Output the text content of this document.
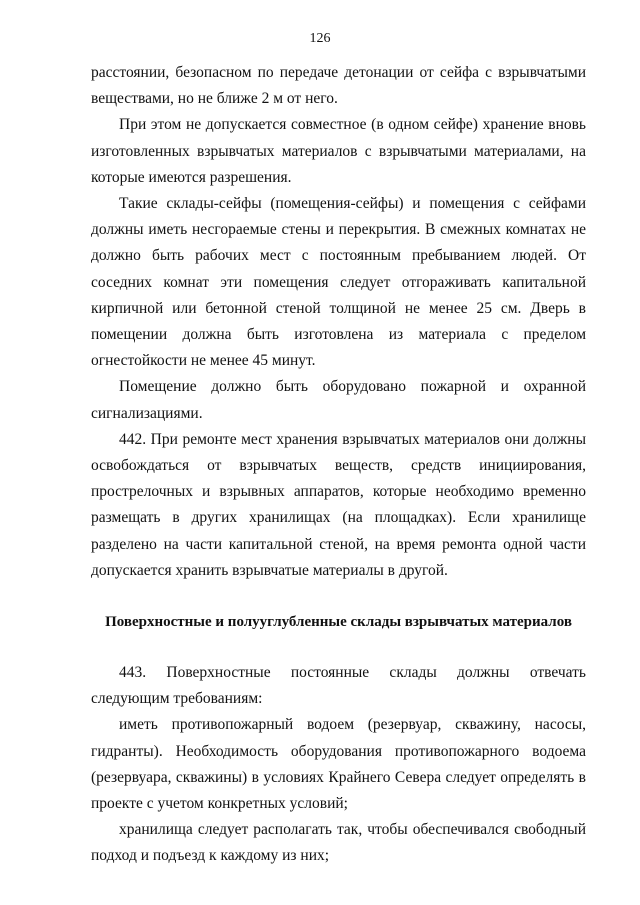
126

расстоянии, безопасном по передаче детонации от сейфа с взрывчатыми веществами, но не ближе 2 м от него.

При этом не допускается совместное (в одном сейфе) хранение вновь изготовленных взрывчатых материалов с взрывчатыми материалами, на которые имеются разрешения.

Такие склады-сейфы (помещения-сейфы) и помещения с сейфами должны иметь несгораемые стены и перекрытия. В смежных комнатах не должно быть рабочих мест с постоянным пребыванием людей. От соседних комнат эти помещения следует отгораживать капитальной кирпичной или бетонной стеной толщиной не менее 25 см. Дверь в помещении должна быть изготовлена из материала с пределом огнестойкости не менее 45 минут.

Помещение должно быть оборудовано пожарной и охранной сигнализациями.

442. При ремонте мест хранения взрывчатых материалов они должны освобождаться от взрывчатых веществ, средств инициирования, прострелочных и взрывных аппаратов, которые необходимо временно размещать в других хранилищах (на площадках). Если хранилище разделено на части капитальной стеной, на время ремонта одной части допускается хранить взрывчатые материалы в другой.

Поверхностные и полууглубленные склады взрывчатых материалов

443. Поверхностные постоянные склады должны отвечать следующим требованиям:

иметь противопожарный водоем (резервуар, скважину, насосы, гидранты). Необходимость оборудования противопожарного водоема (резервуара, скважины) в условиях Крайнего Севера следует определять в проекте с учетом конкретных условий;

хранилища следует располагать так, чтобы обеспечивался свободный подход и подъезд к каждому из них;
